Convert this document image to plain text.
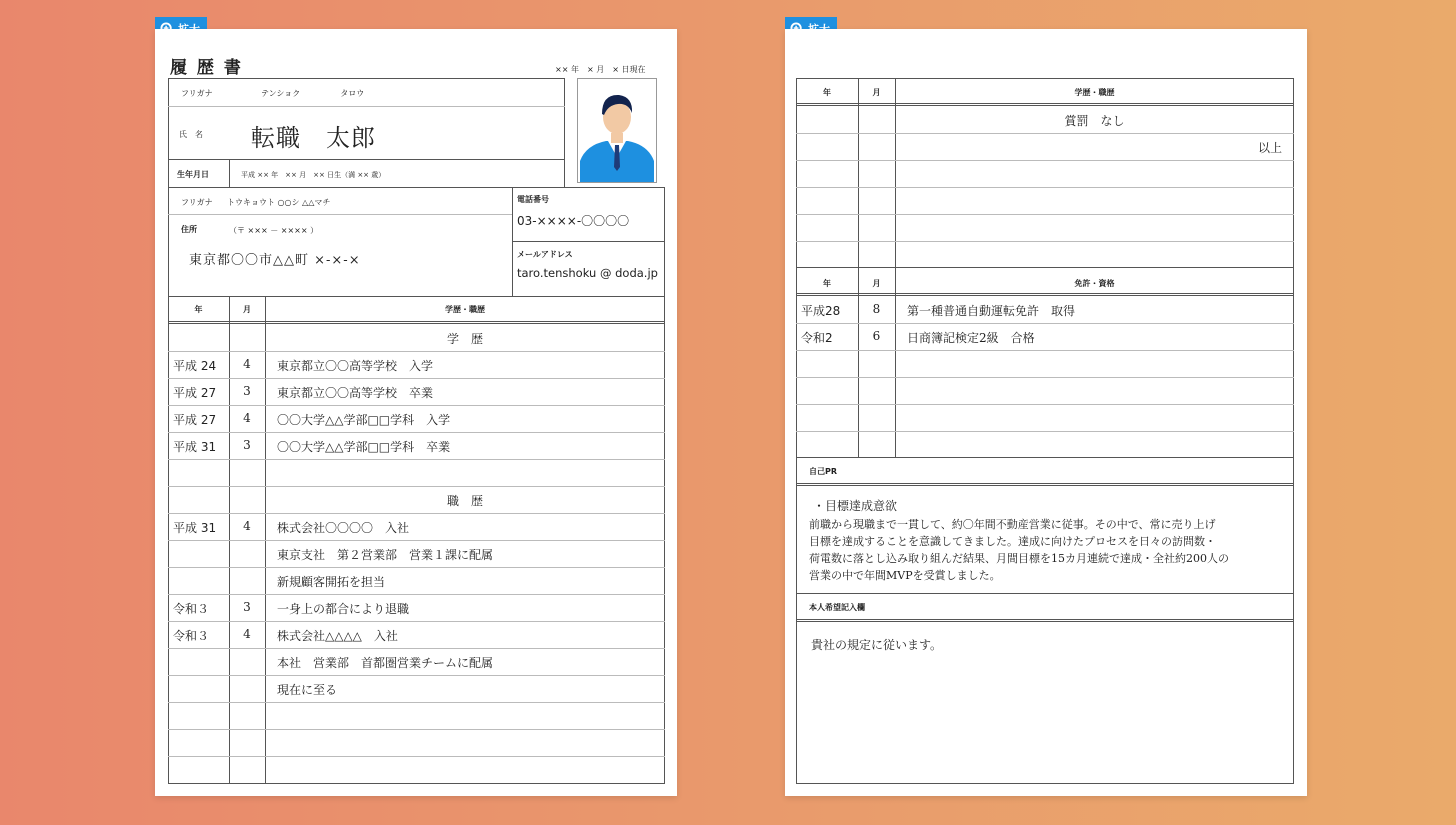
履 歴 書	×× 年　× 月　× 日現在
フリガナ	テンショク　　　　　タロウ
氏　名 転職　太郎
生年月日	平成 ×× 年　×× 月　×× 日生（満 ×× 歳）
フリガナ トウキョウト ○○シ △△マチ
住所	（〒 ××× － ×××× ）
東京都〇〇市△△町 ×-×-×
電話番号
03-××××-〇〇〇〇
メールアドレス
taro.tenshoku @ doda.jp
年	月	学歴・職歴
学　歴
平成 24	4	東京都立〇〇高等学校　入学
平成 27	3	東京都立〇〇高等学校　卒業
平成 27	4	〇〇大学△△学部□□学科　入学
平成 31	3	〇〇大学△△学部□□学科　卒業
職　歴
平成 31	4	株式会社〇〇〇〇　入社
東京支社　第２営業部　営業１課に配属
新規顧客開拓を担当
令和３	3	一身上の都合により退職
令和３	4	株式会社△△△△　入社
本社　営業部　首都圏営業チームに配属
現在に至る
年	月	学歴・職歴
賞罰　なし
以上
年	月	免許・資格
平成28	8	第一種普通自動運転免許　取得
令和2	6	日商簿記検定2級　合格
自己PR
・目標達成意欲
前職から現職まで一貫して、約〇年間不動産営業に従事。その中で、常に売り上げ
目標を達成することを意識してきました。達成に向けたプロセスを日々の訪問数・
荷電数に落とし込み取り組んだ結果、月間目標を15カ月連続で達成・全社約200人の
営業の中で年間MVPを受賞しました。
本人希望記入欄
貴社の規定に従います。
